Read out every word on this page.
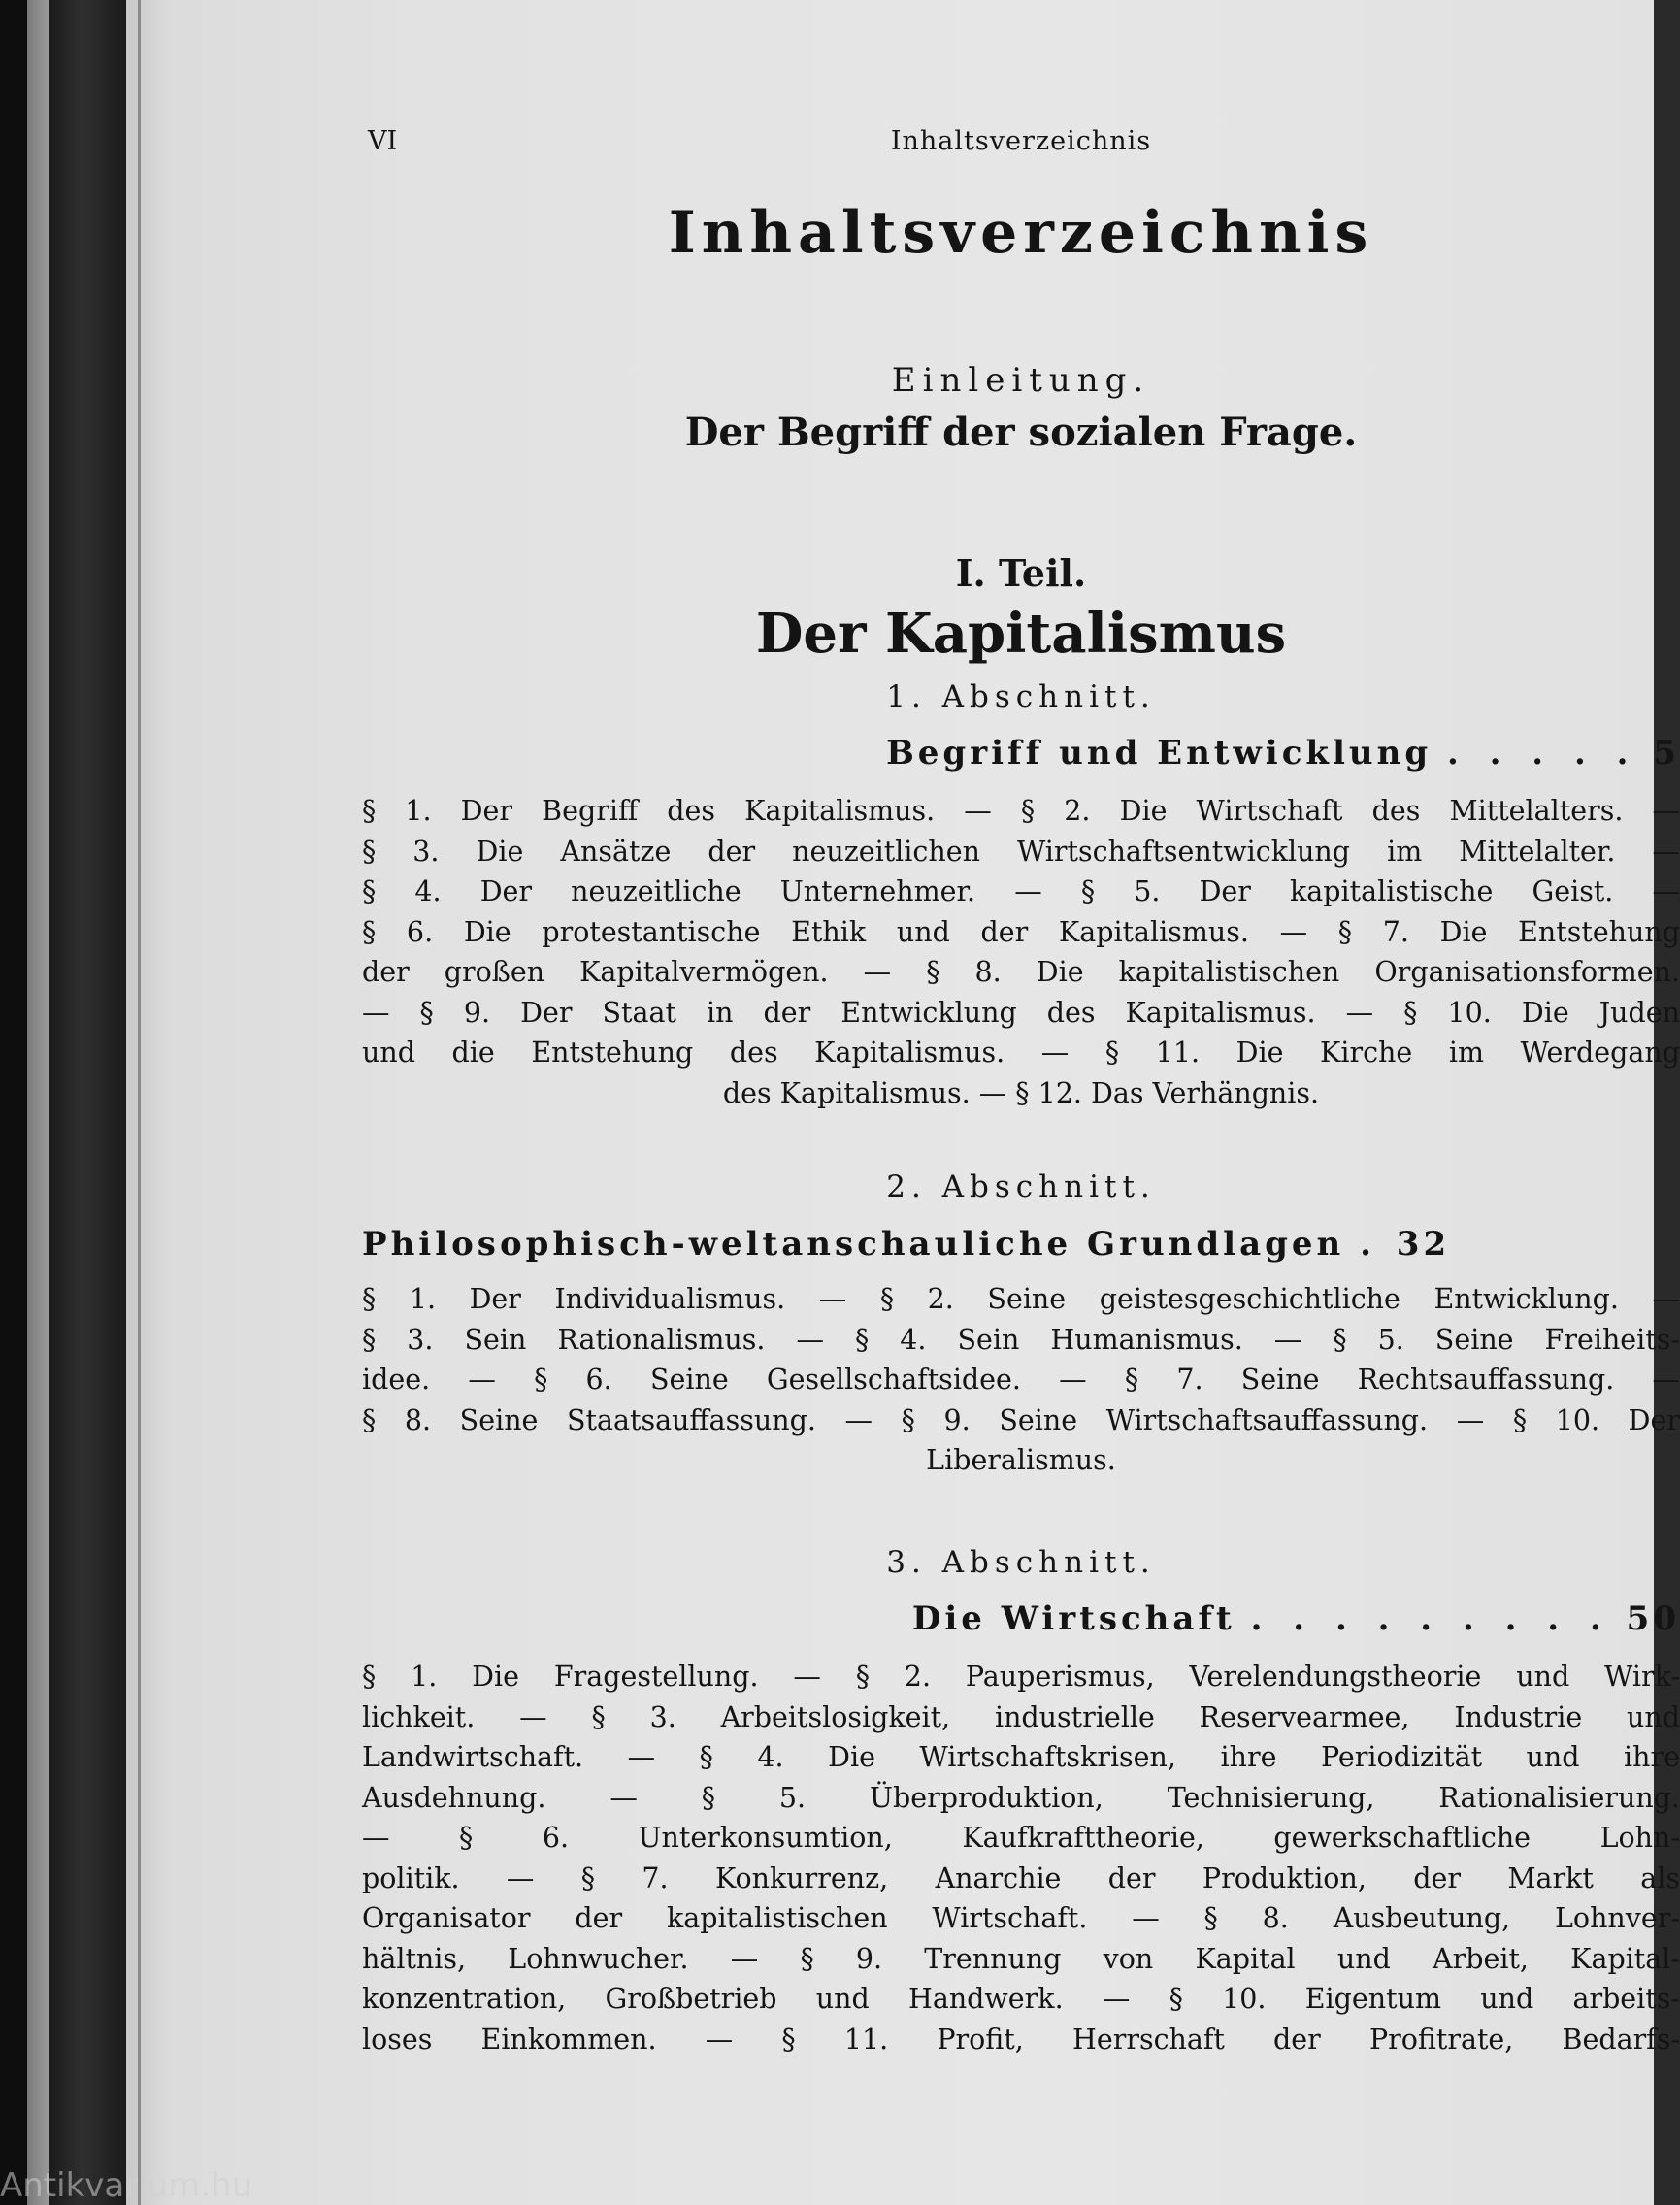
VI	Inhaltsverzeichnis
Inhaltsverzeichnis
Einleitung.
Der Begriff der sozialen Frage.
I. Teil.
Der Kapitalismus
1. Abschnitt.
Begriff und Entwicklung . . . . . 5
§ 1. Der Begriff des Kapitalismus. — § 2. Die Wirtschaft des Mittelalters. —
§ 3. Die Ansätze der neuzeitlichen Wirtschaftsentwicklung im Mittelalter. —
§ 4. Der neuzeitliche Unternehmer. — § 5. Der kapitalistische Geist. —
§ 6. Die protestantische Ethik und der Kapitalismus. — § 7. Die Entstehung
der großen Kapitalvermögen. — § 8. Die kapitalistischen Organisationsformen.
— § 9. Der Staat in der Entwicklung des Kapitalismus. — § 10. Die Juden
und die Entstehung des Kapitalismus. — § 11. Die Kirche im Werdegang
des Kapitalismus. — § 12. Das Verhängnis.
2. Abschnitt.
Philosophisch-weltanschauliche Grundlagen . 32
§ 1. Der Individualismus. — § 2. Seine geistesgeschichtliche Entwicklung. —
§ 3. Sein Rationalismus. — § 4. Sein Humanismus. — § 5. Seine Freiheits-
idee. — § 6. Seine Gesellschaftsidee. — § 7. Seine Rechtsauffassung. —
§ 8. Seine Staatsauffassung. — § 9. Seine Wirtschaftsauffassung. — § 10. Der
Liberalismus.
3. Abschnitt.
Die Wirtschaft . . . . . . . . . 50
§ 1. Die Fragestellung. — § 2. Pauperismus, Verelendungstheorie und Wirk-
lichkeit. — § 3. Arbeitslosigkeit, industrielle Reservearmee, Industrie und
Landwirtschaft. — § 4. Die Wirtschaftskrisen, ihre Periodizität und ihre
Ausdehnung. — § 5. Überproduktion, Technisierung, Rationalisierung.
— § 6. Unterkonsumtion, Kaufkrafttheorie, gewerkschaftliche Lohn-
politik. — § 7. Konkurrenz, Anarchie der Produktion, der Markt als
Organisator der kapitalistischen Wirtschaft. — § 8. Ausbeutung, Lohnver-
hältnis, Lohnwucher. — § 9. Trennung von Kapital und Arbeit, Kapital-
konzentration, Großbetrieb und Handwerk. — § 10. Eigentum und arbeits-
loses Einkommen. — § 11. Profit, Herrschaft der Profitrate, Bedarfs-
Antikvarium.hu
